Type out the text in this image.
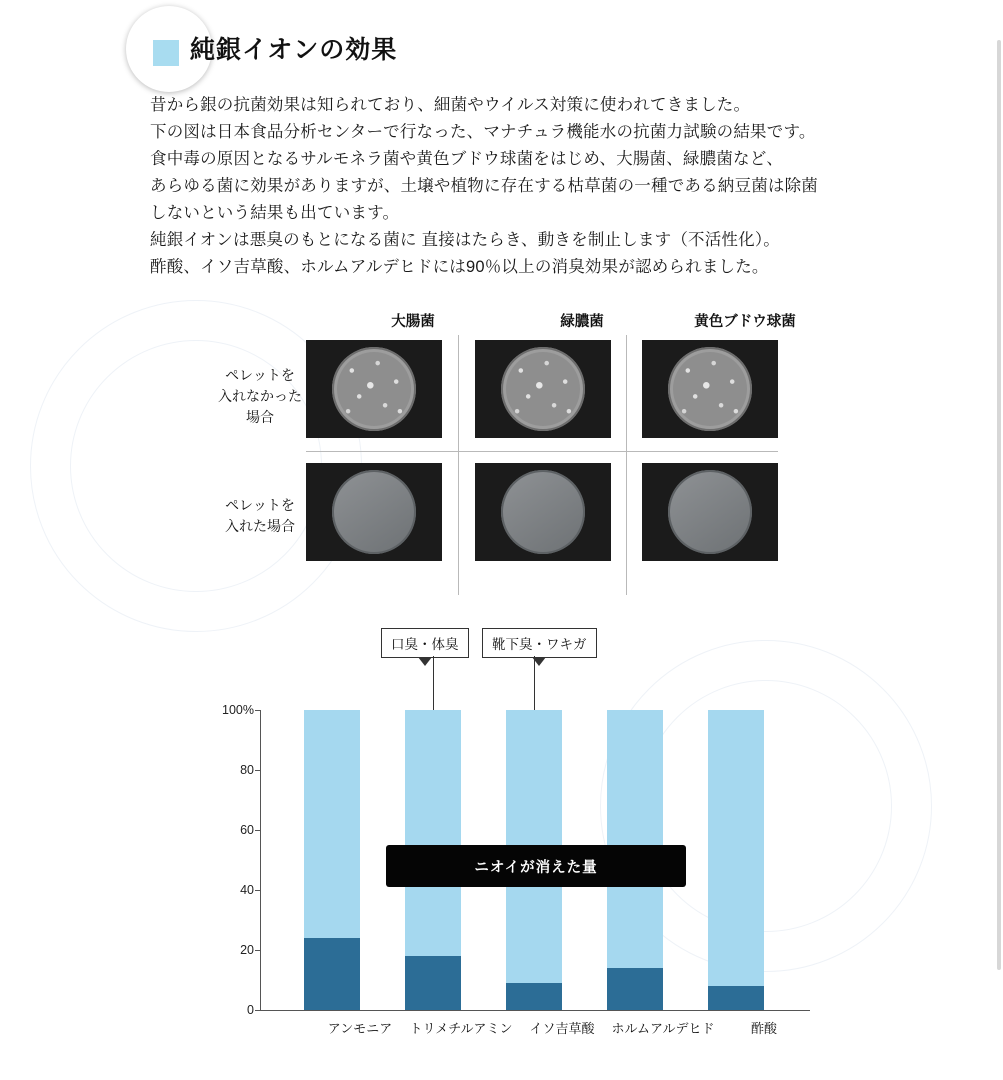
純銀イオンの効果

昔から銀の抗菌効果は知られており、細菌やウイルス対策に使われてきました。

下の図は日本食品分析センターで行なった、マナチュラ機能水の抗菌力試験の結果です。

食中毒の原因となるサルモネラ菌や黄色ブドウ球菌をはじめ、大腸菌、緑膿菌など、

あらゆる菌に効果がありますが、土壌や植物に存在する枯草菌の一種である納豆菌は除菌

しないという結果も出ています。

純銀イオンは悪臭のもとになる菌に 直接はたらき、動きを制止します（不活性化）。

酢酸、イソ吉草酸、ホルムアルデヒドには90％以上の消臭効果が認められました。

大腸菌	緑膿菌	黄色ブドウ球菌
ペレットを
入れなかった
場合
ペレットを
入れた場合
口臭・体臭	靴下臭・ワキガ
100%
80
60
40
20
0
アンモニア	トリメチルアミン	イソ吉草酸	ホルムアルデヒド	酢酸
ニオイが消えた量
